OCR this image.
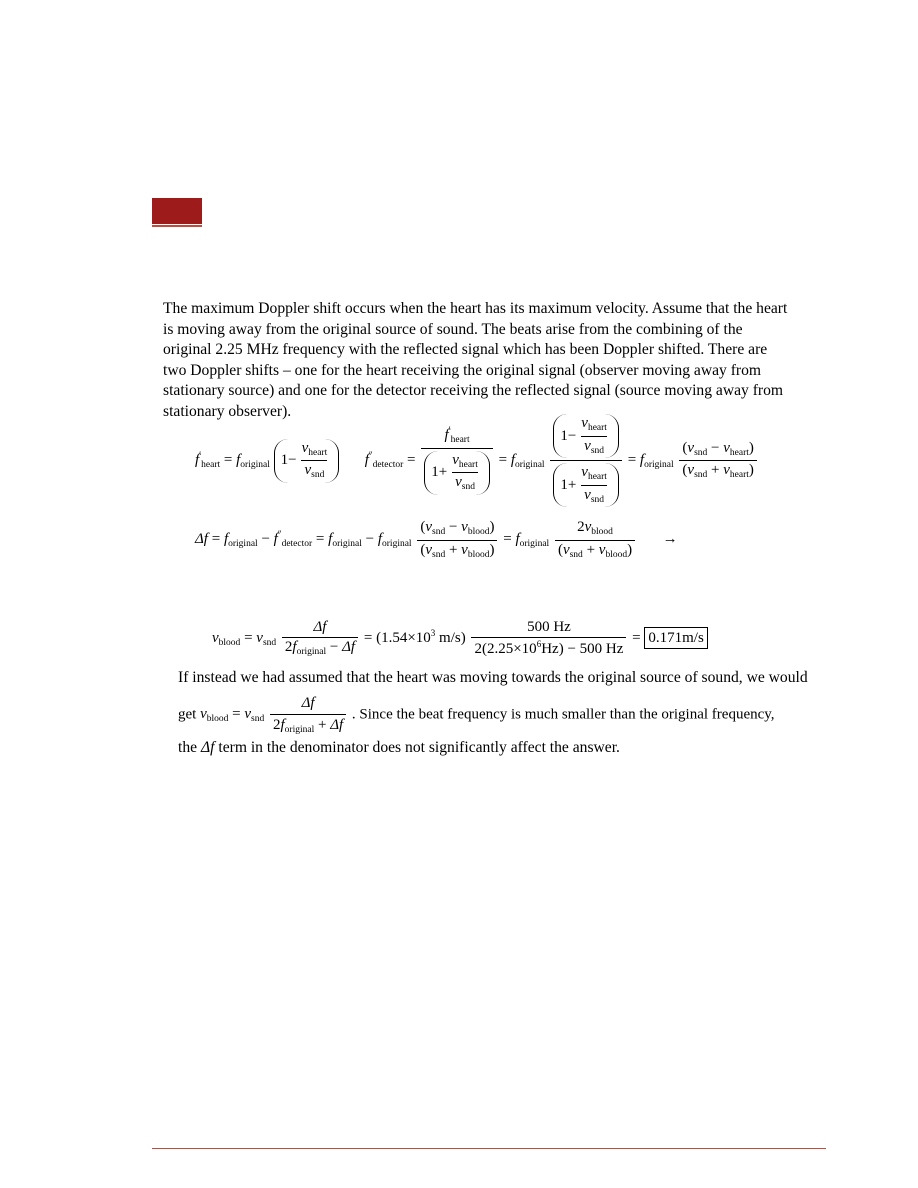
The maximum Doppler shift occurs when the heart has its maximum velocity. Assume that the heart
is moving away from the original source of sound. The beats arise from the combining of the
original 2.25 MHz frequency with the reflected signal which has been Doppler shifted. There are
two Doppler shifts – one for the heart receiving the original signal (observer moving away from
stationary source) and one for the detector receiving the reflected signal (source moving away from
stationary observer).

$f'_{heart} = f_{original}$ $1 - \frac{v_{heart}}{v_{snd}} f''_{detector} = \frac{f'_{heart}}{1 + \frac{v_{heart}}{v_{snd}}} = f_{original} \frac{1 - \frac{v_{heart}}{v_{snd}}}{1 + \frac{v_{heart}}{v_{snd}}} = f_{original} \frac{(v_{snd} - v_{heart})}{(v_{snd} + v_{heart})}$
$\Delta f = f_{original} - f''_{detector} = f_{original} - f_{original} \frac{(v_{snd} - v_{blood})}{(v_{snd} + v_{blood})} = f_{original} \frac{2v_{blood}}{(v_{snd} + v_{blood})}$ →
$v_{blood} = v_{snd} \frac{\Delta f}{2f_{original} - \Delta f} = (1.54\times 10^3$ $m/s) \frac{500 Hz}{2(2.25\times 10^6Hz) - 500 Hz} = 0.171m/s$
If instead we had assumed that the heart was moving towards the original source of sound, we would
get $v_{blood} = v_{snd} \frac{\Delta f}{2f_{original} + \Delta f}$ . Since the beat frequency is much smaller than the original frequency,
the Δf term in the denominator does not significantly affect the answer.
